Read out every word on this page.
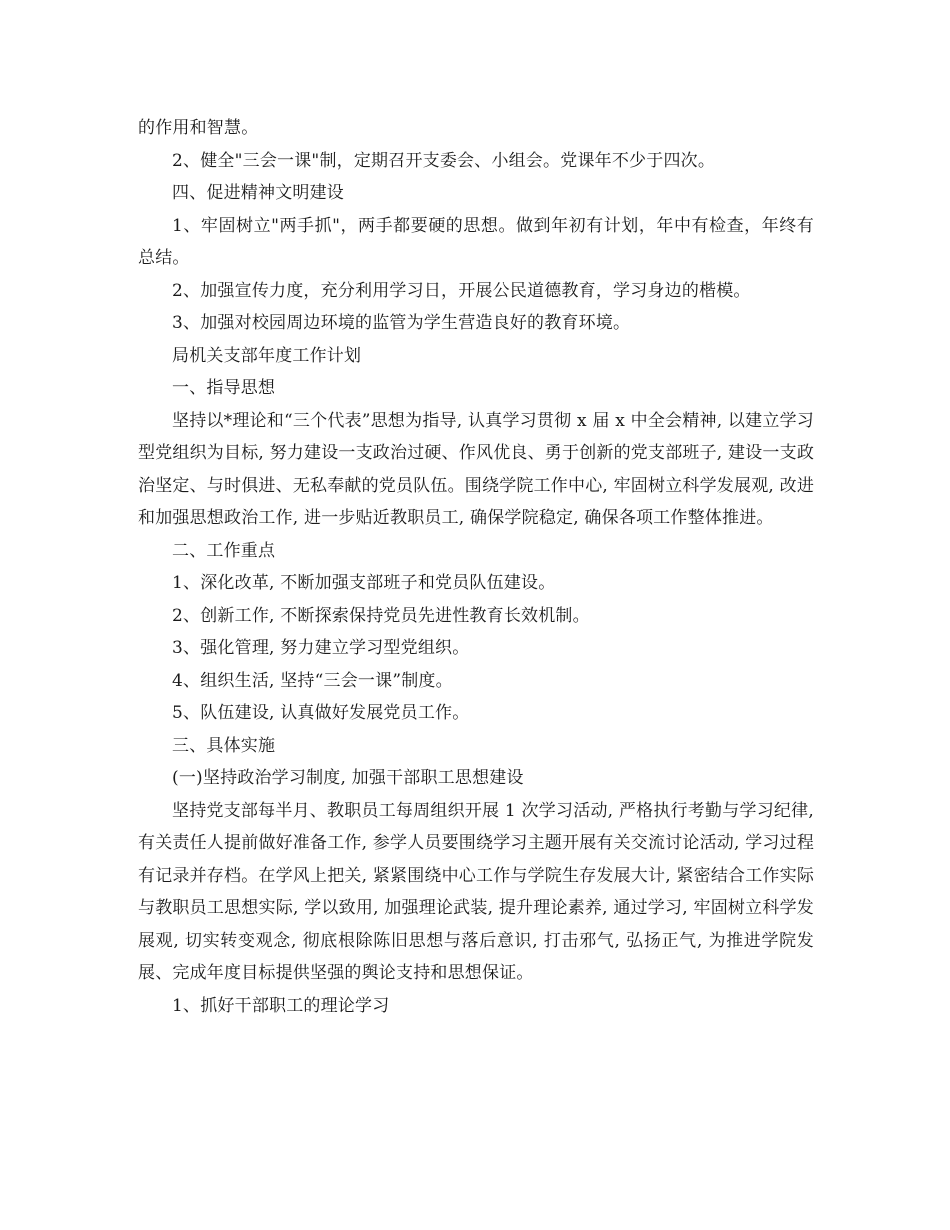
的作用和智慧。

2、健全"三会一课"制，定期召开支委会、小组会。党课年不少于四次。

四、促进精神文明建设

1、牢固树立"两手抓"，两手都要硬的思想。做到年初有计划，年中有检查，年终有总结。

2、加强宣传力度，充分利用学习日，开展公民道德教育，学习身边的楷模。

3、加强对校园周边环境的监管为学生营造良好的教育环境。

局机关支部年度工作计划

一、指导思想

坚持以*理论和“三个代表”思想为指导, 认真学习贯彻 x 届 x 中全会精神, 以建立学习型党组织为目标, 努力建设一支政治过硬、作风优良、勇于创新的党支部班子, 建设一支政治坚定、与时俱进、无私奉献的党员队伍。围绕学院工作中心, 牢固树立科学发展观, 改进和加强思想政治工作, 进一步贴近教职员工, 确保学院稳定, 确保各项工作整体推进。

二、工作重点

1、深化改革, 不断加强支部班子和党员队伍建设。

2、创新工作, 不断探索保持党员先进性教育长效机制。

3、强化管理, 努力建立学习型党组织。

4、组织生活, 坚持“三会一课”制度。

5、队伍建设, 认真做好发展党员工作。

三、具体实施

(一)坚持政治学习制度, 加强干部职工思想建设

坚持党支部每半月、教职员工每周组织开展 1 次学习活动, 严格执行考勤与学习纪律, 有关责任人提前做好准备工作, 参学人员要围绕学习主题开展有关交流讨论活动, 学习过程有记录并存档。在学风上把关, 紧紧围绕中心工作与学院生存发展大计, 紧密结合工作实际与教职员工思想实际, 学以致用, 加强理论武装, 提升理论素养, 通过学习, 牢固树立科学发展观, 切实转变观念, 彻底根除陈旧思想与落后意识, 打击邪气, 弘扬正气, 为推进学院发展、完成年度目标提供坚强的舆论支持和思想保证。

1、抓好干部职工的理论学习
